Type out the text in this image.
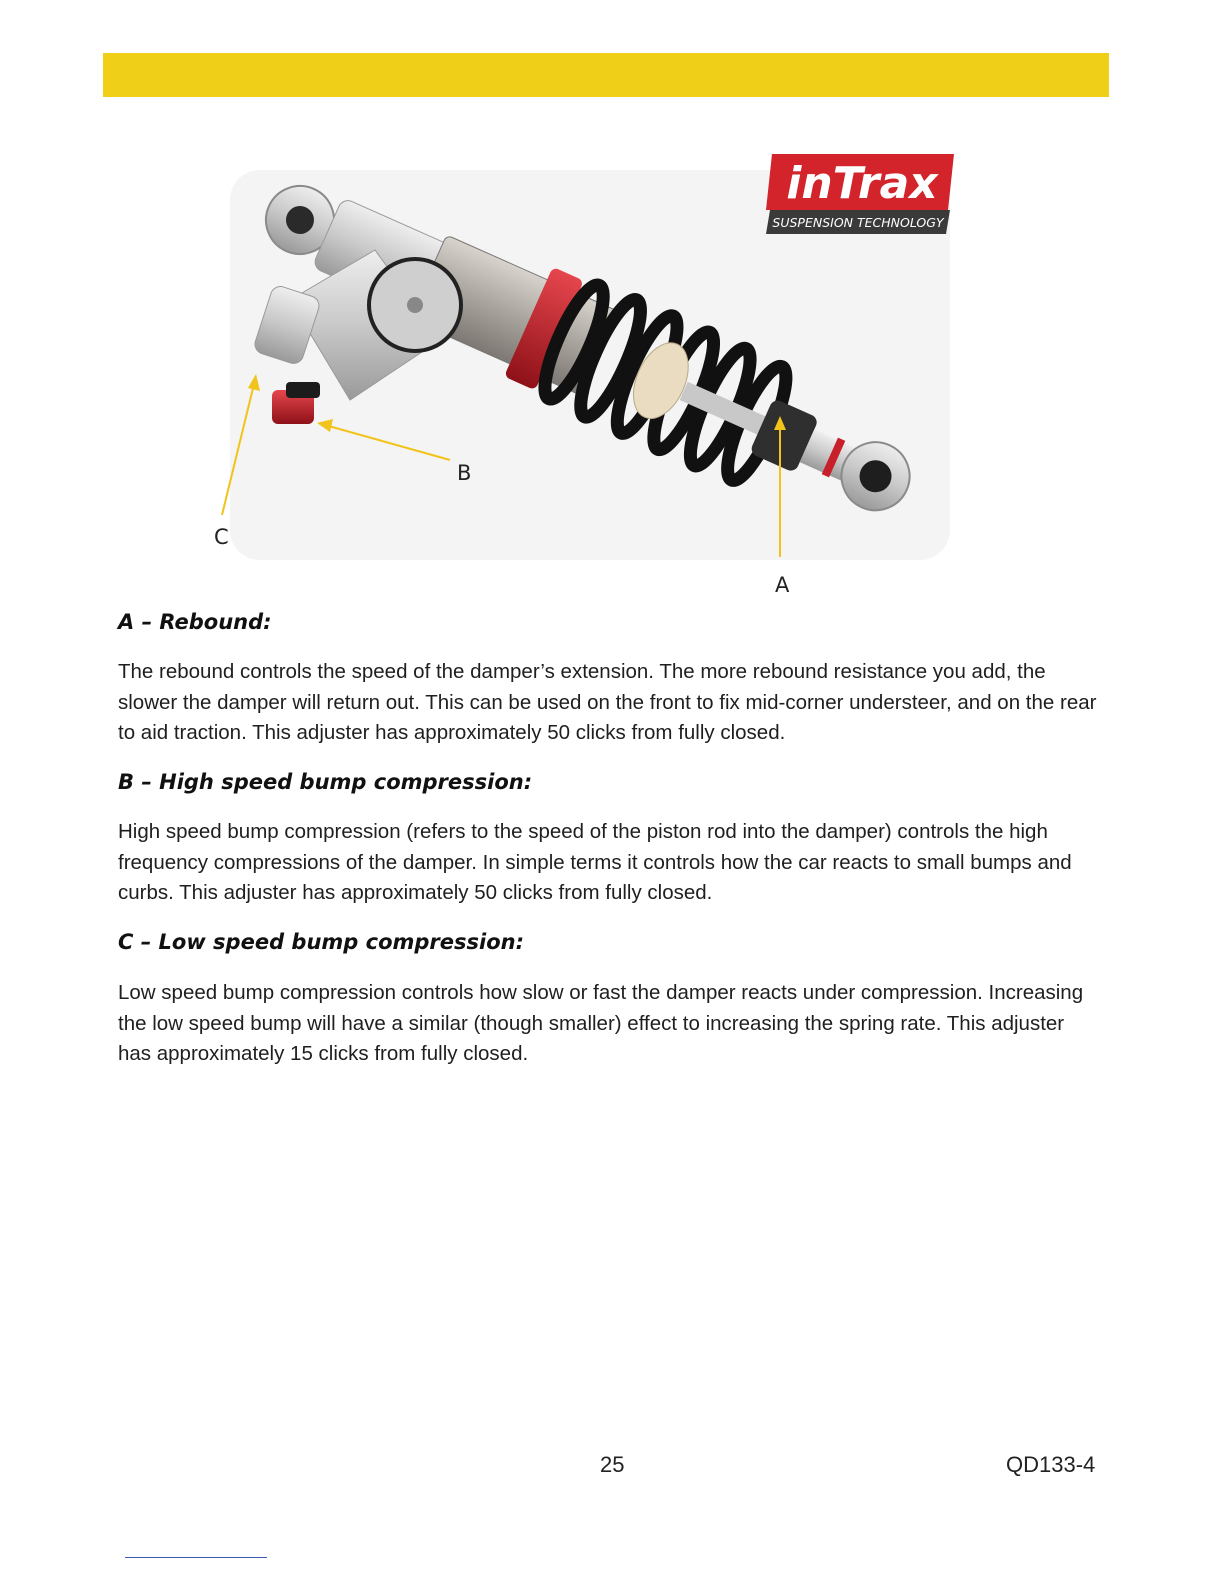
inTrax
SUSPENSION TECHNOLOGY
A
B
C
A – Rebound:

The rebound controls the speed of the damper’s extension. The more rebound resistance you add, the slower the damper will return out. This can be used on the front to fix mid-corner understeer, and on the rear to aid traction. This adjuster has approximately 50 clicks from fully closed.

B – High speed bump compression:

High speed bump compression (refers to the speed of the piston rod into the damper) controls the high frequency compressions of the damper. In simple terms it controls how the car reacts to small bumps and curbs. This adjuster has approximately 50 clicks from fully closed.

C – Low speed bump compression:

Low speed bump compression controls how slow or fast the damper reacts under compression. Increasing the low speed bump will have a similar (though smaller) effect to increasing the spring rate. This adjuster has approximately 15 clicks from fully closed.

25	QD133-4
